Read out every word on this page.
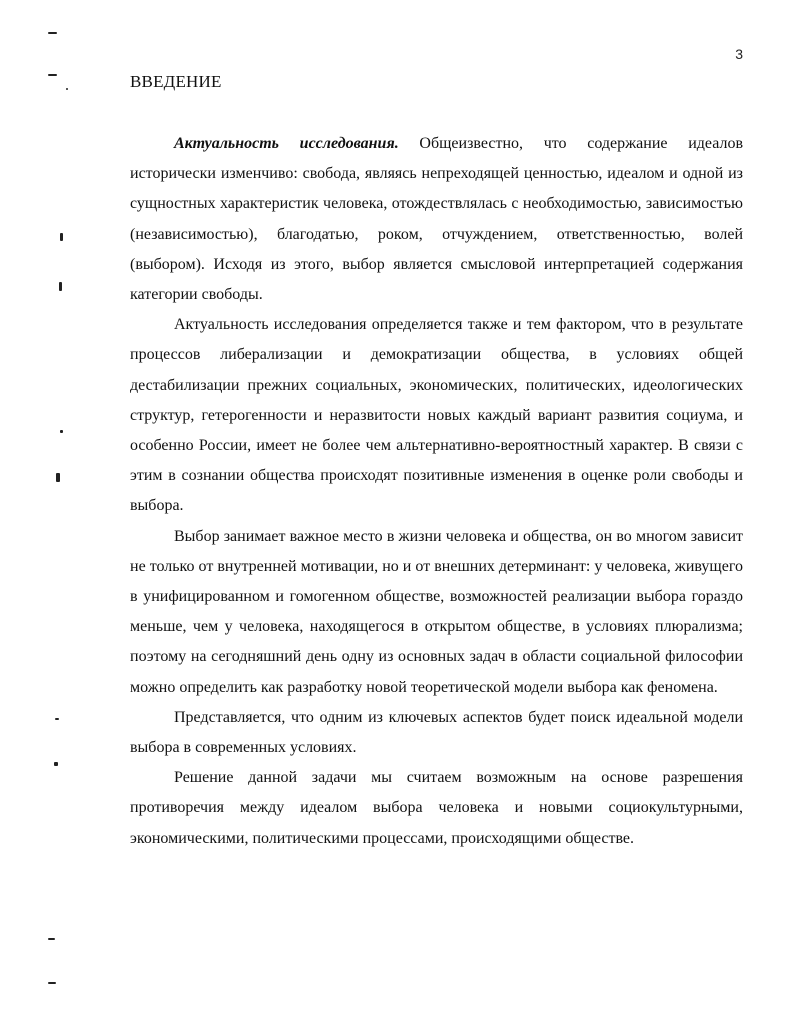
3
ВВЕДЕНИЕ

Актуальность исследования. Общеизвестно, что содержание идеалов исторически изменчиво: свобода, являясь непреходящей ценностью, идеалом и одной из сущностных характеристик человека, отождествлялась с необходимостью, зависимостью (независимостью), благодатью, роком, отчуждением, ответственностью, волей (выбором). Исходя из этого, выбор является смысловой интерпретацией содержания категории свободы.

Актуальность исследования определяется также и тем фактором, что в результате процессов либерализации и демократизации общества, в условиях общей дестабилизации прежних социальных, экономических, политических, идеологических структур, гетерогенности и неразвитости новых каждый вариант развития социума, и особенно России, имеет не более чем альтернативно-вероятностный характер. В связи с этим в сознании общества происходят позитивные изменения в оценке роли свободы и выбора.

Выбор занимает важное место в жизни человека и общества, он во многом зависит не только от внутренней мотивации, но и от внешних детерминант: у человека, живущего в унифицированном и гомогенном обществе, возможностей реализации выбора гораздо меньше, чем у человека, находящегося в открытом обществе, в условиях плюрализма; поэтому на сегодняшний день одну из основных задач в области социальной философии можно определить как разработку новой теоретической модели выбора как феномена.

Представляется, что одним из ключевых аспектов будет поиск идеальной модели выбора в современных условиях.

Решение данной задачи мы считаем возможным на основе разрешения противоречия между идеалом выбора человека и новыми социокультурными, экономическими, политическими процессами, происходящими обществе.
